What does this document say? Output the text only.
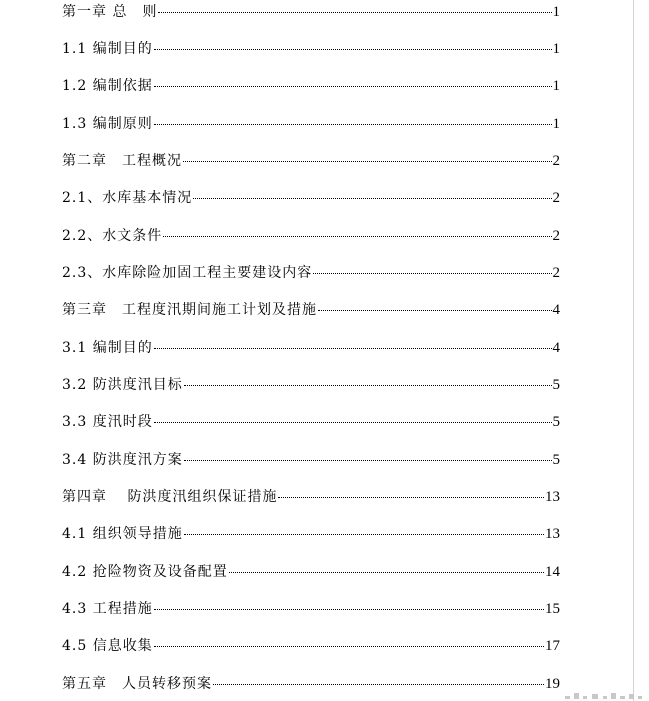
第一章 总　则	1
1.1 编制目的	1
1.2 编制依据	1
1.3 编制原则	1
第二章　工程概况	2
2.1、水库基本情况	2
2.2、水文条件	2
2.3、水库除险加固工程主要建设内容	2
第三章　工程度汛期间施工计划及措施	4
3.1 编制目的	4
3.2 防洪度汛目标	5
3.3 度汛时段	5
3.4 防洪度汛方案	5
第四章　 防洪度汛组织保证措施	13
4.1 组织领导措施	13
4.2 抢险物资及设备配置	14
4.3 工程措施	15
4.5 信息收集	17
第五章　人员转移预案	19
